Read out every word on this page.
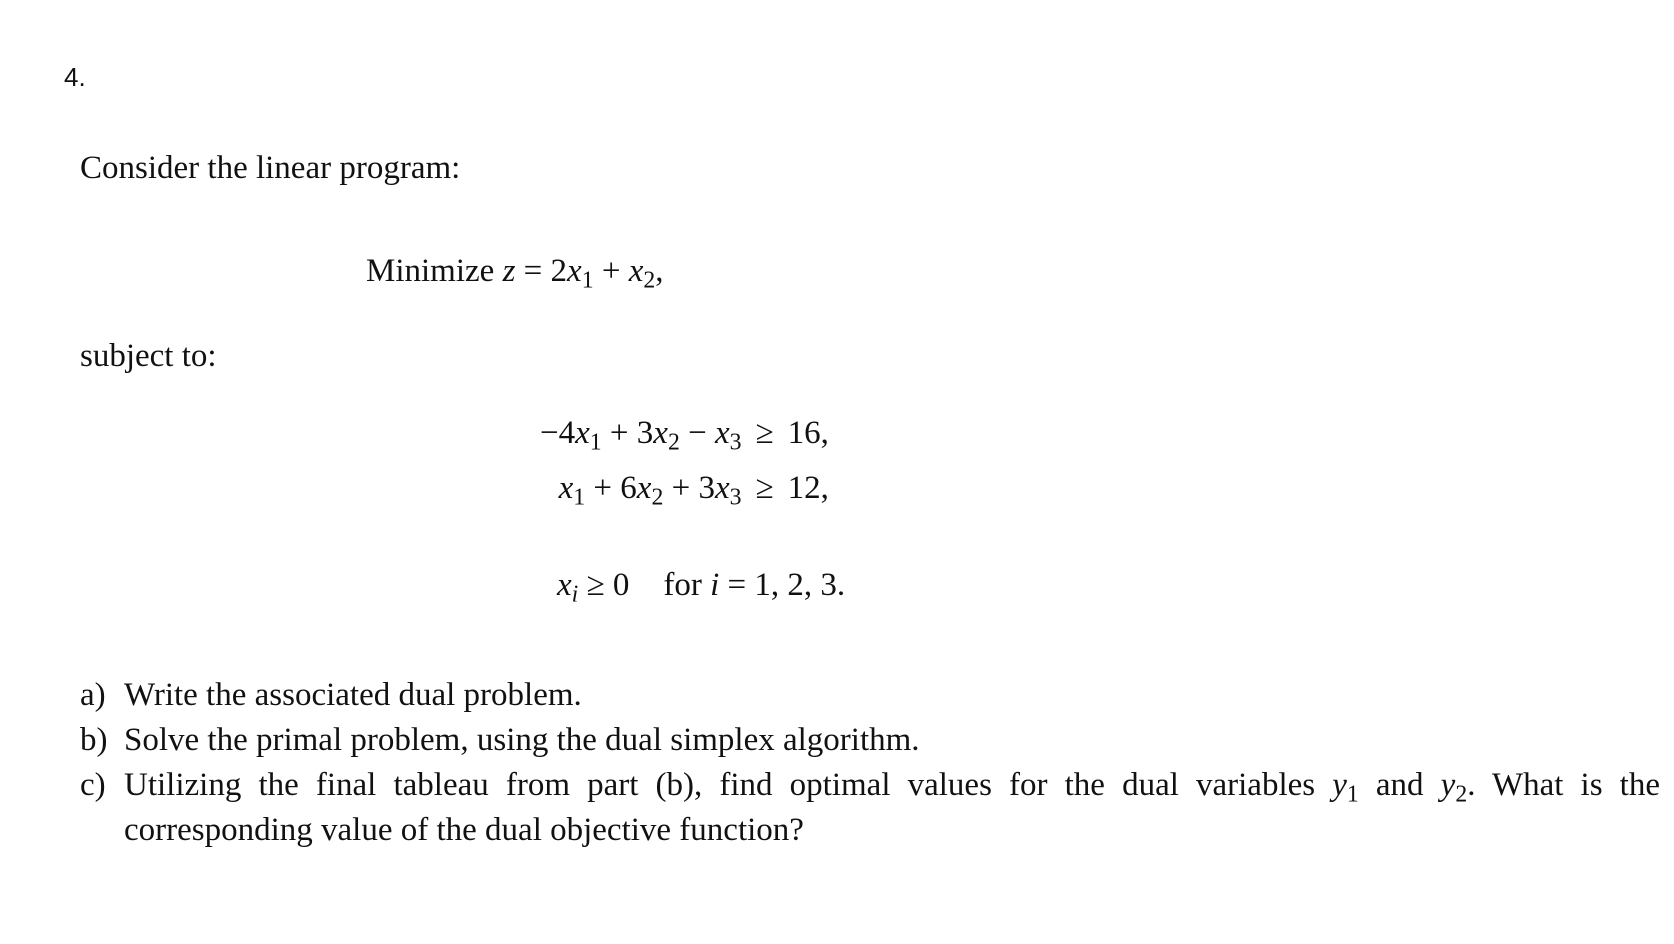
4.
Consider the linear program:
Minimize $z = 2x_1 + x_2$,
subject to:
$-4x_1 + 3x_2 - x_3$	≥	16,
$x_1 + 6x_2 + 3x_3$	≥	12,
$x_i \ge 0$ for i = 1, 2, 3.
a) Write the associated dual problem.
b) Solve the primal problem, using the dual simplex algorithm.
c) Utilizing the final tableau from part (b), find optimal values for the dual variables $y_1$ and $y_2$. What is the
corresponding value of the dual objective function?
